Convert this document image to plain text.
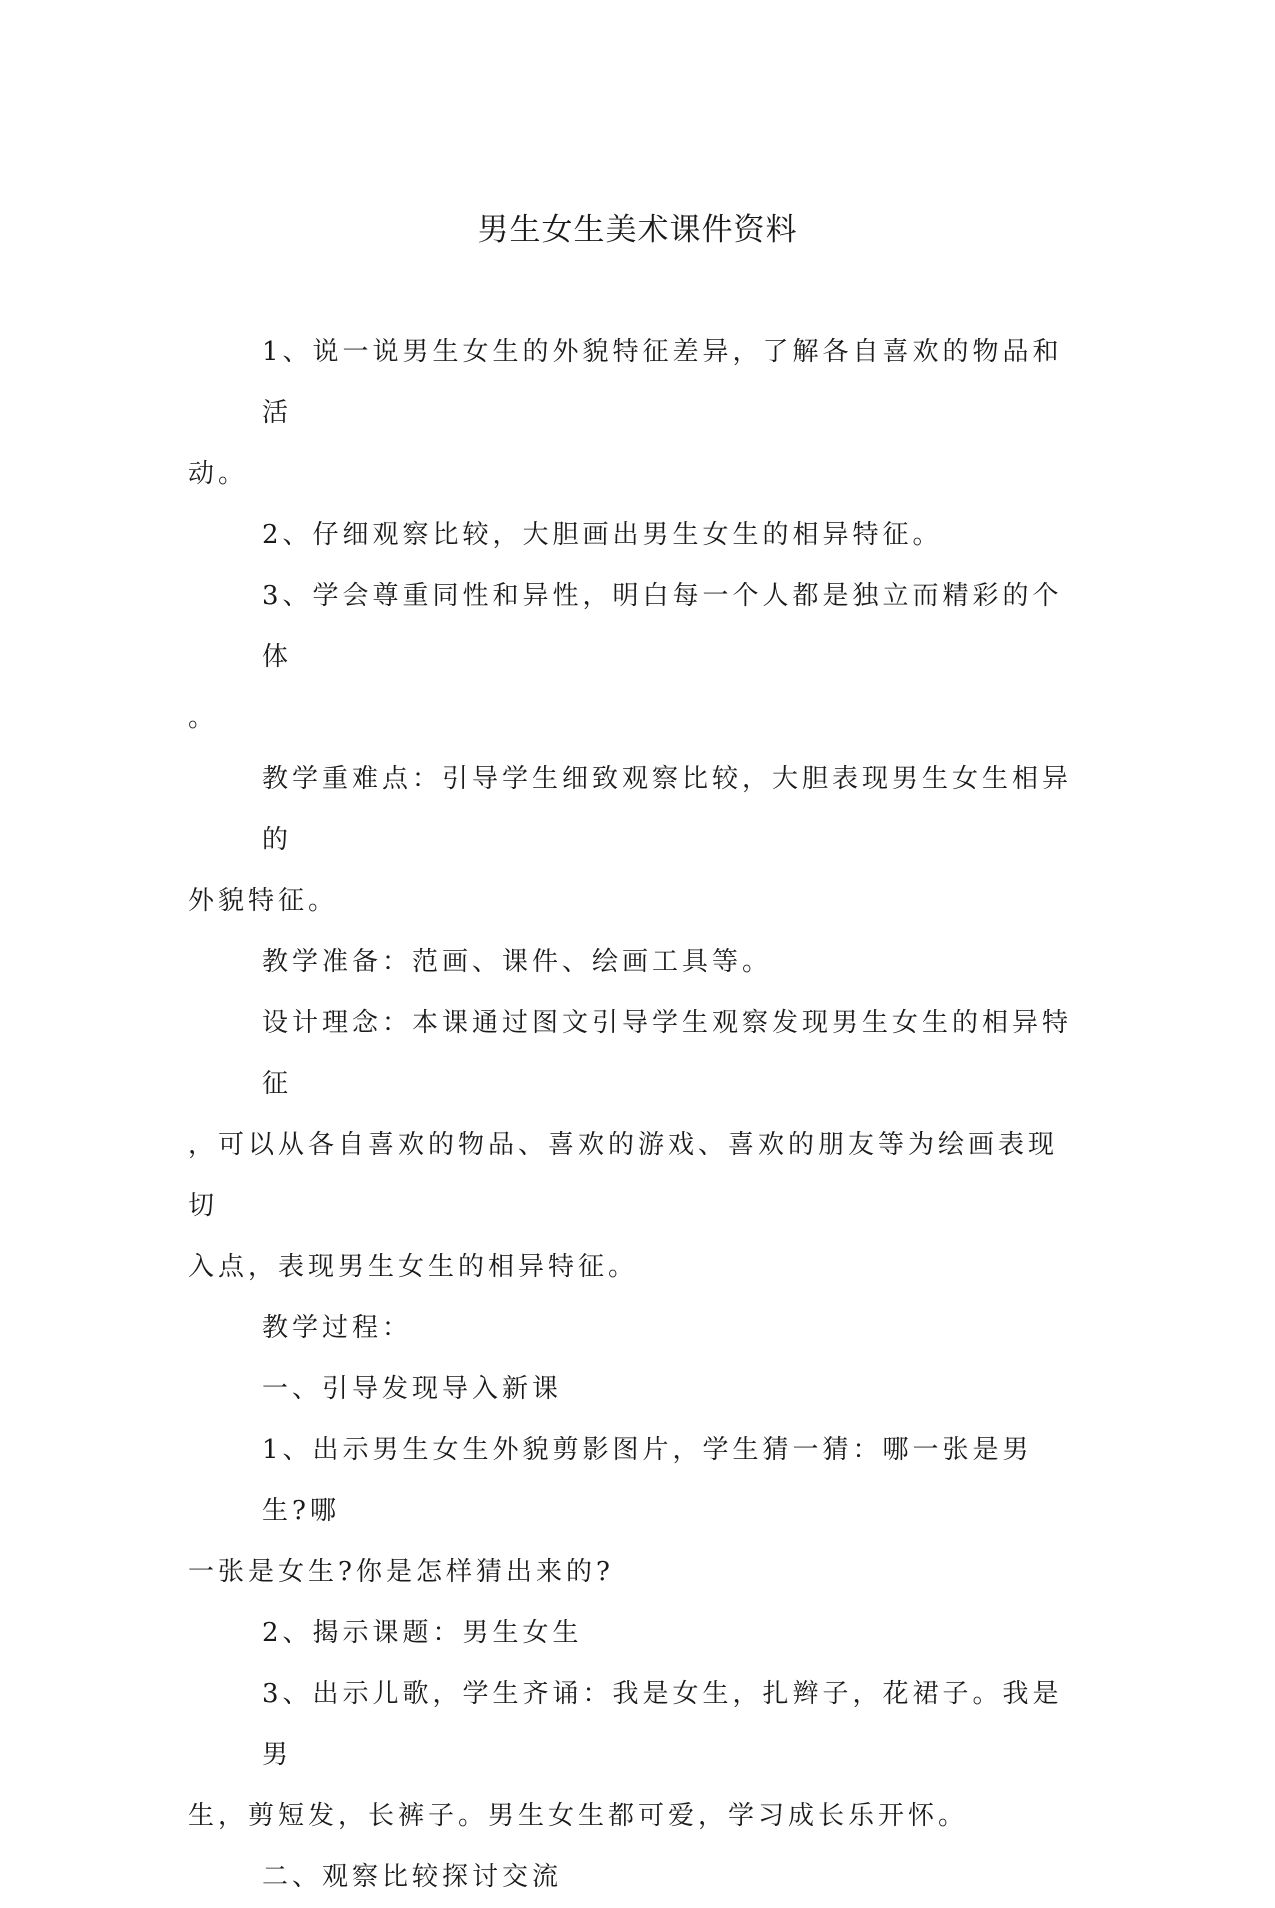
男生女生美术课件资料

1、说一说男生女生的外貌特征差异，了解各自喜欢的物品和活

动。

2、仔细观察比较，大胆画出男生女生的相异特征。

3、学会尊重同性和异性，明白每一个人都是独立而精彩的个体

。

教学重难点：引导学生细致观察比较，大胆表现男生女生相异的

外貌特征。

教学准备：范画、课件、绘画工具等。

设计理念：本课通过图文引导学生观察发现男生女生的相异特征

，可以从各自喜欢的物品、喜欢的游戏、喜欢的朋友等为绘画表现切

入点，表现男生女生的相异特征。

教学过程：

一、引导发现导入新课

1、出示男生女生外貌剪影图片，学生猜一猜：哪一张是男生?哪

一张是女生?你是怎样猜出来的?

2、揭示课题：男生女生

3、出示儿歌，学生齐诵：我是女生，扎辫子，花裙子。我是男

生，剪短发，长裤子。男生女生都可爱，学习成长乐开怀。

二、观察比较探讨交流
